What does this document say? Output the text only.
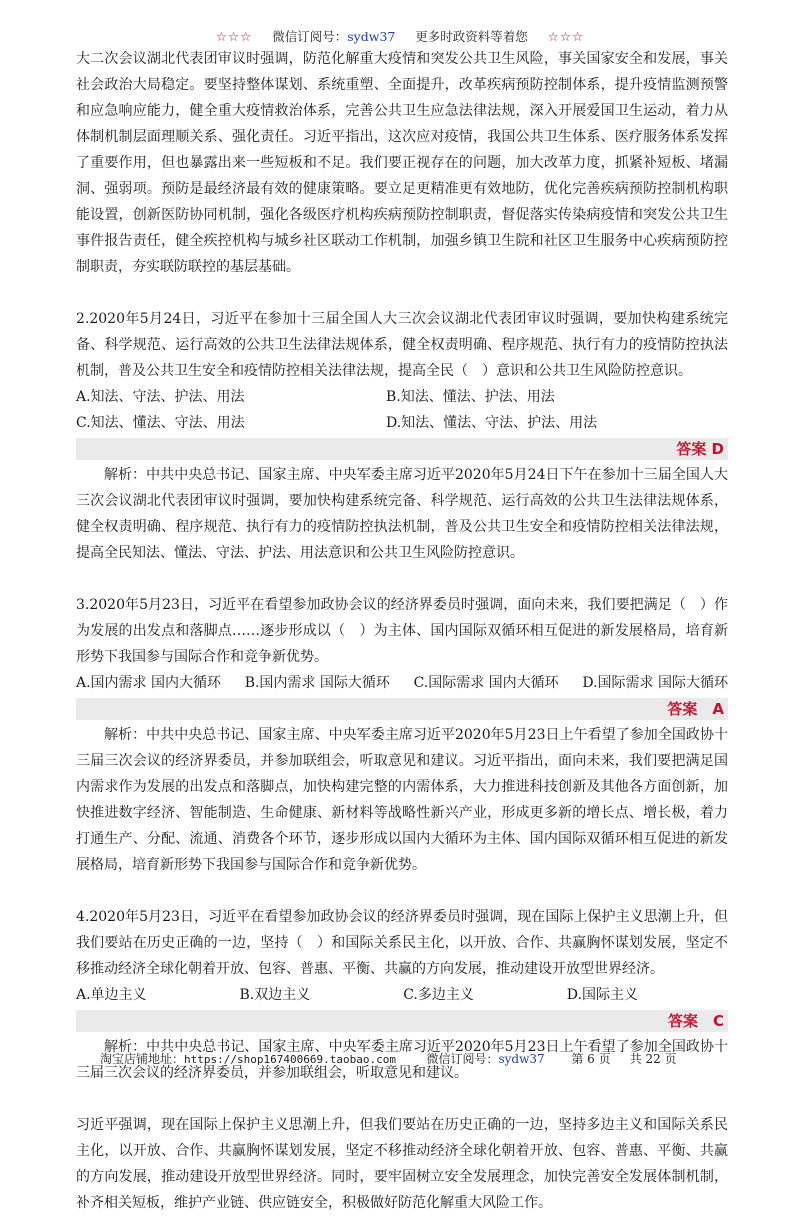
☆☆☆ 微信订阅号：sydw37 更多时政资料等着您 ☆☆☆

大二次会议湖北代表团审议时强调，防范化解重大疫情和突发公共卫生风险，事关国家安全和发展，事关社会政治大局稳定。要坚持整体谋划、系统重塑、全面提升，改革疾病预防控制体系，提升疫情监测预警和应急响应能力，健全重大疫情救治体系，完善公共卫生应急法律法规，深入开展爱国卫生运动，着力从体制机制层面理顺关系、强化责任。习近平指出，这次应对疫情，我国公共卫生体系、医疗服务体系发挥了重要作用，但也暴露出来一些短板和不足。我们要正视存在的问题，加大改革力度，抓紧补短板、堵漏洞、强弱项。预防是最经济最有效的健康策略。要立足更精准更有效地防，优化完善疾病预防控制机构职能设置，创新医防协同机制，强化各级医疗机构疾病预防控制职责，督促落实传染病疫情和突发公共卫生事件报告责任，健全疾控机构与城乡社区联动工作机制，加强乡镇卫生院和社区卫生服务中心疾病预防控制职责，夯实联防联控的基层基础。

2.2020年5月24日，习近平在参加十三届全国人大三次会议湖北代表团审议时强调，要加快构建系统完备、科学规范、运行高效的公共卫生法律法规体系，健全权责明确、程序规范、执行有力的疫情防控执法机制，普及公共卫生安全和疫情防控相关法律法规，提高全民（　）意识和公共卫生风险防控意识。

A.知法、守法、护法、用法	B.知法、懂法、护法、用法
C.知法、懂法、守法、用法	D.知法、懂法、守法、护法、用法
答案 D

解析：中共中央总书记、国家主席、中央军委主席习近平2020年5月24日下午在参加十三届全国人大三次会议湖北代表团审议时强调，要加快构建系统完备、科学规范、运行高效的公共卫生法律法规体系，健全权责明确、程序规范、执行有力的疫情防控执法机制，普及公共卫生安全和疫情防控相关法律法规，提高全民知法、懂法、守法、护法、用法意识和公共卫生风险防控意识。

3.2020年5月23日，习近平在看望参加政协会议的经济界委员时强调，面向未来，我们要把满足（　）作为发展的出发点和落脚点……逐步形成以（　）为主体、国内国际双循环相互促进的新发展格局，培育新形势下我国参与国际合作和竞争新优势。

A.国内需求 国内大循环 B.国内需求 国际大循环 C.国际需求 国内大循环 D.国际需求 国际大循环
答案　A

解析：中共中央总书记、国家主席、中央军委主席习近平2020年5月23日上午看望了参加全国政协十三届三次会议的经济界委员，并参加联组会，听取意见和建议。习近平指出，面向未来，我们要把满足国内需求作为发展的出发点和落脚点，加快构建完整的内需体系，大力推进科技创新及其他各方面创新，加快推进数字经济、智能制造、生命健康、新材料等战略性新兴产业，形成更多新的增长点、增长极，着力打通生产、分配、流通、消费各个环节，逐步形成以国内大循环为主体、国内国际双循环相互促进的新发展格局，培育新形势下我国参与国际合作和竞争新优势。

4.2020年5月23日，习近平在看望参加政协会议的经济界委员时强调，现在国际上保护主义思潮上升，但我们要站在历史正确的一边，坚持（　）和国际关系民主化，以开放、合作、共赢胸怀谋划发展，坚定不移推动经济全球化朝着开放、包容、普惠、平衡、共赢的方向发展，推动建设开放型世界经济。

A.单边主义	B.双边主义	C.多边主义	D.国际主义
答案　C

解析：中共中央总书记、国家主席、中央军委主席习近平2020年5月23日上午看望了参加全国政协十三届三次会议的经济界委员，并参加联组会，听取意见和建议。

习近平强调，现在国际上保护主义思潮上升，但我们要站在历史正确的一边，坚持多边主义和国际关系民主化，以开放、合作、共赢胸怀谋划发展，坚定不移推动经济全球化朝着开放、包容、普惠、平衡、共赢的方向发展，推动建设开放型世界经济。同时，要牢固树立安全发展理念，加快完善安全发展体制机制，补齐相关短板，维护产业链、供应链安全，积极做好防范化解重大风险工作。

淘宝店铺地址：https://shop167400669.taobao.com	微信订阅号：sydw37 第 6 页 共 22 页
